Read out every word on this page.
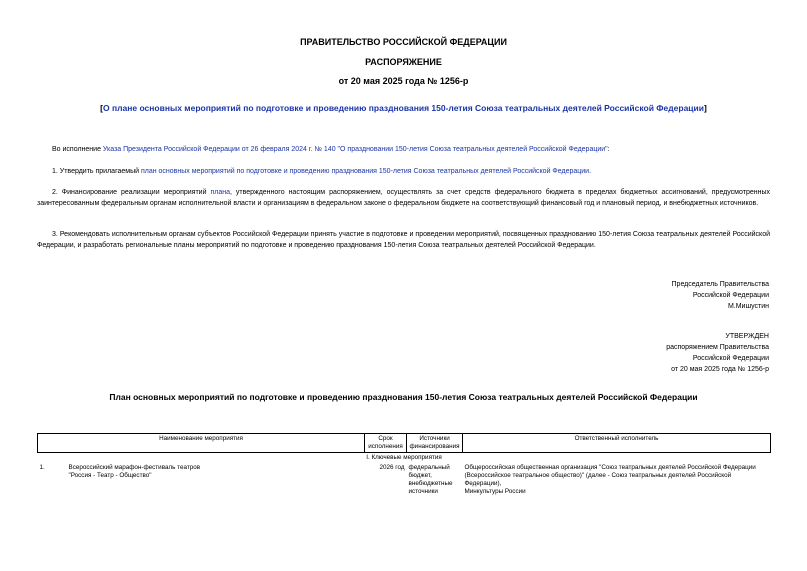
ПРАВИТЕЛЬСТВО РОССИЙСКОЙ ФЕДЕРАЦИИ
РАСПОРЯЖЕНИЕ
от 20 мая 2025 года № 1256-р
[О плане основных мероприятий по подготовке и проведению празднования 150-летия Союза театральных деятелей Российской Федерации]
Во исполнение Указа Президента Российской Федерации от 26 февраля 2024 г. № 140 "О праздновании 150-летия Союза театральных деятелей Российской Федерации":
1. Утвердить прилагаемый план основных мероприятий по подготовке и проведению празднования 150-летия Союза театральных деятелей Российской Федерации.
2. Финансирование реализации мероприятий плана, утвержденного настоящим распоряжением, осуществлять за счет средств федерального бюджета в пределах бюджетных ассигнований, предусмотренных заинтересованным федеральным органам исполнительной власти и организациям в федеральном законе о федеральном бюджете на соответствующий финансовый год и плановый период, и внебюджетных источников.
3. Рекомендовать исполнительным органам субъектов Российской Федерации принять участие в подготовке и проведении мероприятий, посвященных празднованию 150-летия Союза театральных деятелей Российской Федерации, и разработать региональные планы мероприятий по подготовке и проведению празднования 150-летия Союза театральных деятелей Российской Федерации.
Председатель Правительства
Российской Федерации
М.Мишустин
УТВЕРЖДЕН
распоряжением Правительства
Российской Федерации
от 20 мая 2025 года № 1256-р
План основных мероприятий по подготовке и проведению празднования 150-летия Союза театральных деятелей Российской Федерации
Наименование мероприятия		Срок исполнения	Источники финансирования	Ответственный исполнитель
I. Ключевые мероприятия				
1.	Всероссийский марафон-фестиваль театров "Россия - Театр - Общество"	2026 год	федеральный бюджет, внебюджетные источники	Общероссийская общественная организация "Союз театральных деятелей Российской Федерации (Всероссийское театральное общество)" (далее - Союз театральных деятелей Российской Федерации),
Минкультуры России
